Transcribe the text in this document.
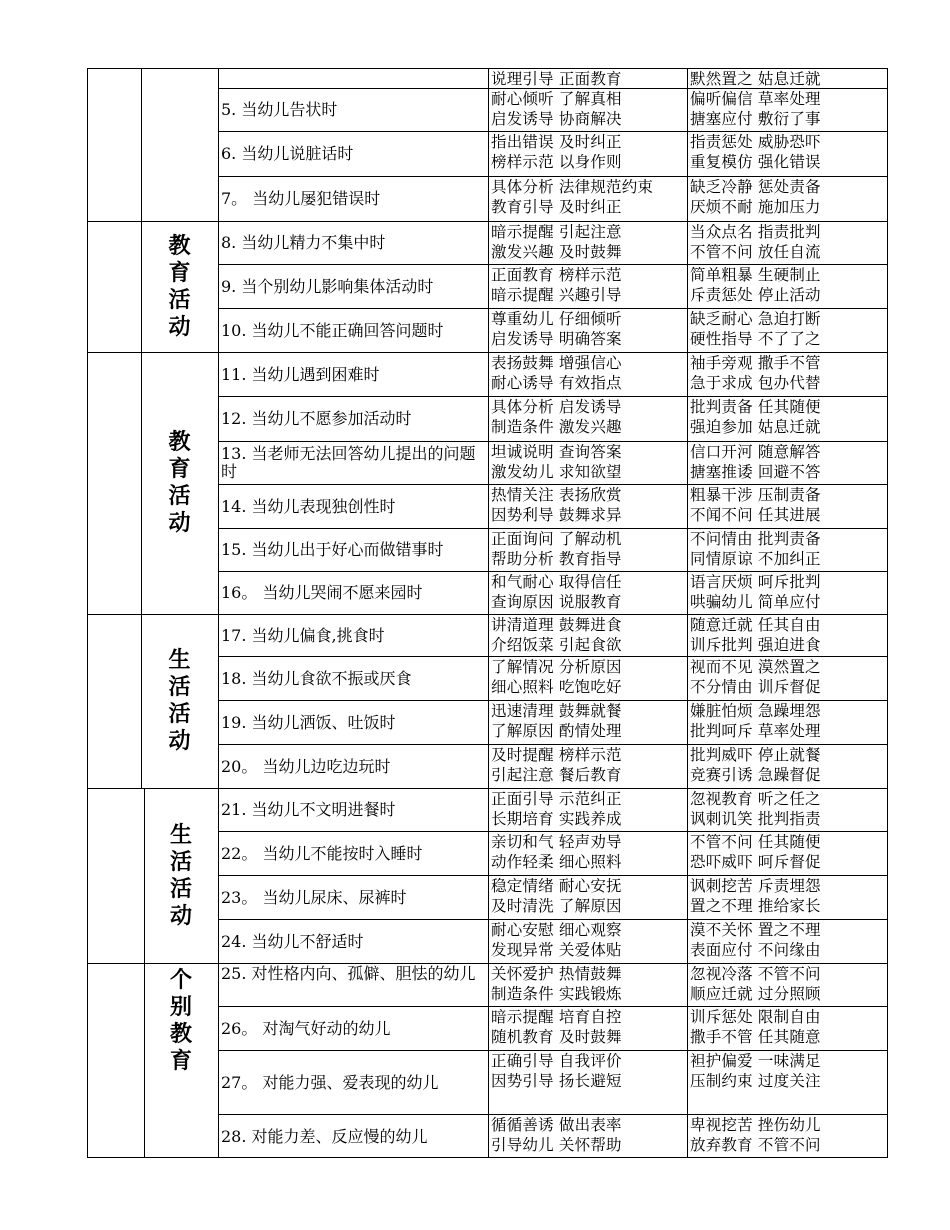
教育活动
教育活动
生活活动
生活活动
个别教育
说理引导 正面教育	默然置之 姑息迁就
5. 当幼儿告状时
耐心倾听 了解真相
启发诱导 协商解决
偏听偏信 草率处理
搪塞应付 敷衍了事
6. 当幼儿说脏话时
指出错误 及时纠正
榜样示范 以身作则
指责惩处 威胁恐吓
重复模仿 强化错误
7。 当幼儿屡犯错误时
具体分析 法律规范约束
教育引导 及时纠正
缺乏冷静 惩处责备
厌烦不耐 施加压力
8. 当幼儿精力不集中时
暗示提醒 引起注意
激发兴趣 及时鼓舞
当众点名 指责批判
不管不问 放任自流
9. 当个别幼儿影响集体活动时
正面教育 榜样示范
暗示提醒 兴趣引导
简单粗暴 生硬制止
斥责惩处 停止活动
10. 当幼儿不能正确回答问题时
尊重幼儿 仔细倾听
启发诱导 明确答案
缺乏耐心 急迫打断
硬性指导 不了了之
11. 当幼儿遇到困难时
表扬鼓舞 增强信心
耐心诱导 有效指点
袖手旁观 撒手不管
急于求成 包办代替
12. 当幼儿不愿参加活动时
具体分析 启发诱导
制造条件 激发兴趣
批判责备 任其随便
强迫参加 姑息迁就
13. 当老师无法回答幼儿提出的问题时
坦诚说明 查询答案
激发幼儿 求知欲望
信口开河 随意解答
搪塞推诿 回避不答
14. 当幼儿表现独创性时
热情关注 表扬欣赏
因势利导 鼓舞求异
粗暴干涉 压制责备
不闻不问 任其进展
15. 当幼儿出于好心而做错事时
正面询问 了解动机
帮助分析 教育指导
不问情由 批判责备
同情原谅 不加纠正
16。 当幼儿哭闹不愿来园时
和气耐心 取得信任
查询原因 说服教育
语言厌烦 呵斥批判
哄骗幼儿 简单应付
17. 当幼儿偏食,挑食时
讲清道理 鼓舞进食
介绍饭菜 引起食欲
随意迁就 任其自由
训斥批判 强迫进食
18. 当幼儿食欲不振或厌食
了解情况 分析原因
细心照料 吃饱吃好
视而不见 漠然置之
不分情由 训斥督促
19. 当幼儿洒饭、吐饭时
迅速清理 鼓舞就餐
了解原因 酌情处理
嫌脏怕烦 急躁埋怨
批判呵斥 草率处理
20。 当幼儿边吃边玩时
及时提醒 榜样示范
引起注意 餐后教育
批判威吓 停止就餐
竞赛引诱 急躁督促
21. 当幼儿不文明进餐时
正面引导 示范纠正
长期培育 实践养成
忽视教育 听之任之
讽刺讥笑 批判指责
22。 当幼儿不能按时入睡时
亲切和气 轻声劝导
动作轻柔 细心照料
不管不问 任其随便
恐吓威吓 呵斥督促
23。 当幼儿尿床、尿裤时
稳定情绪 耐心安抚
及时清洗 了解原因
讽刺挖苦 斥责埋怨
置之不理 推给家长
24. 当幼儿不舒适时
耐心安慰 细心观察
发现异常 关爱体贴
漠不关怀 置之不理
表面应付 不问缘由
25. 对性格内向、孤僻、胆怯的幼儿 关怀爱护 热情鼓舞
制造条件 实践锻炼
忽视冷落 不管不问
顺应迁就 过分照顾
26。 对淘气好动的幼儿
暗示提醒 培育自控
随机教育 及时鼓舞
训斥惩处 限制自由
撒手不管 任其随意
27。 对能力强、爱表现的幼儿
正确引导 自我评价
因势引导 扬长避短
袒护偏爱 一味满足
压制约束 过度关注
28. 对能力差、反应慢的幼儿
循循善诱 做出表率
引导幼儿 关怀帮助
卑视挖苦 挫伤幼儿
放弃教育 不管不问
